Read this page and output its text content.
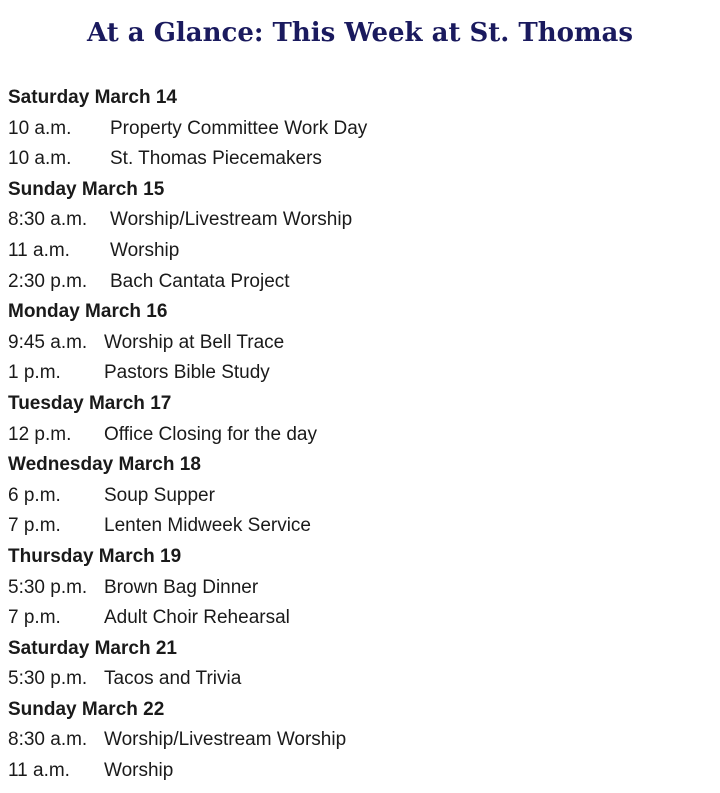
At a Glance: This Week at St. Thomas
Saturday March 14
10 a.m. Property Committee Work Day
10 a.m. St. Thomas Piecemakers
Sunday March 15
8:30 a.m. Worship/Livestream Worship
11 a.m. Worship
2:30 p.m. Bach Cantata Project
Monday March 16
9:45 a.m. Worship at Bell Trace
1 p.m. Pastors Bible Study
Tuesday March 17
12 p.m. Office Closing for the day
Wednesday March 18
6 p.m. Soup Supper
7 p.m. Lenten Midweek Service
Thursday March 19
5:30 p.m. Brown Bag Dinner
7 p.m. Adult Choir Rehearsal
Saturday March 21
5:30 p.m. Tacos and Trivia
Sunday March 22
8:30 a.m. Worship/Livestream Worship
11 a.m. Worship
